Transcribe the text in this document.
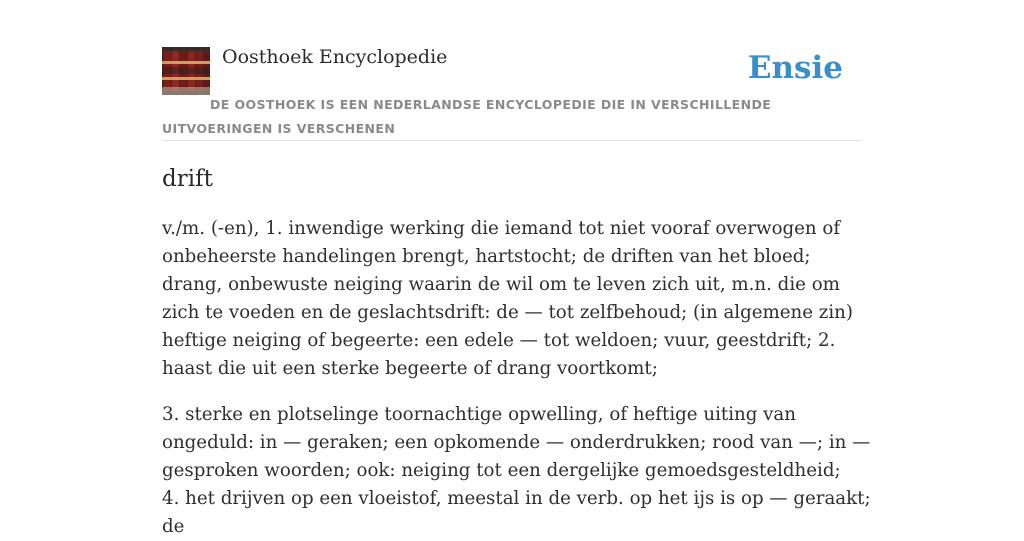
Oosthoek Encyclopedie	Ensie
DE OOSTHOEK IS EEN NEDERLANDSE ENCYCLOPEDIE DIE IN VERSCHILLENDE UITVOERINGEN IS VERSCHENEN
drift

v./m. (-en), 1. inwendige werking die iemand tot niet vooraf overwogen of onbeheerste handelingen brengt, hartstocht; de driften van het bloed; drang, onbewuste neiging waarin de wil om te leven zich uit, m.n. die om zich te voeden en de geslachtsdrift: de — tot zelfbehoud; (in algemene zin) heftige neiging of begeerte: een edele — tot weldoen; vuur, geestdrift; 2. haast die uit een sterke begeerte of drang voortkomt;

3. sterke en plotselinge toornachtige opwelling, of heftige uiting van ongeduld: in — geraken; een opkomende — onderdrukken; rood van —; in — gesproken woorden; ook: neiging tot een dergelijke gemoedsgesteldheid;
4. het drijven op een vloeistof, meestal in de verb. op het ijs is op — geraakt; de
